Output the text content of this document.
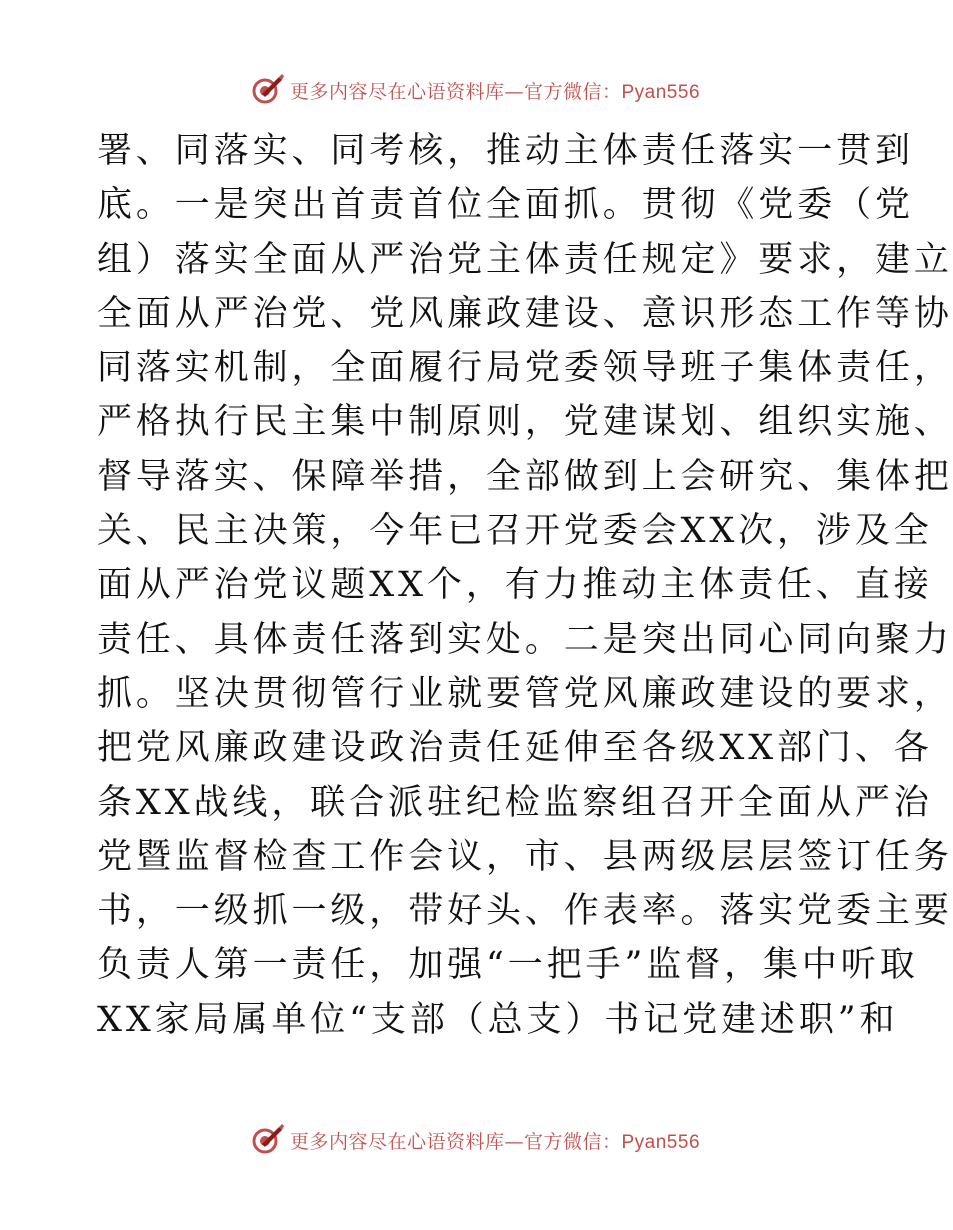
更多内容尽在心语资料库—官方微信：Pyan556
署、同落实、同考核，推动主体责任落实一贯到
底。一是突出首责首位全面抓。贯彻《党委（党
组）落实全面从严治党主体责任规定》要求，建立
全面从严治党、党风廉政建设、意识形态工作等协
同落实机制，全面履行局党委领导班子集体责任，
严格执行民主集中制原则，党建谋划、组织实施、
督导落实、保障举措，全部做到上会研究、集体把
关、民主决策，今年已召开党委会XX次，涉及全
面从严治党议题XX个，有力推动主体责任、直接
责任、具体责任落到实处。二是突出同心同向聚力
抓。坚决贯彻管行业就要管党风廉政建设的要求，
把党风廉政建设政治责任延伸至各级XX部门、各
条XX战线，联合派驻纪检监察组召开全面从严治
党暨监督检查工作会议，市、县两级层层签订任务
书，一级抓一级，带好头、作表率。落实党委主要
负责人第一责任，加强“一把手”监督，集中听取
XX家局属单位“支部（总支）书记党建述职”和
更多内容尽在心语资料库—官方微信：Pyan556
